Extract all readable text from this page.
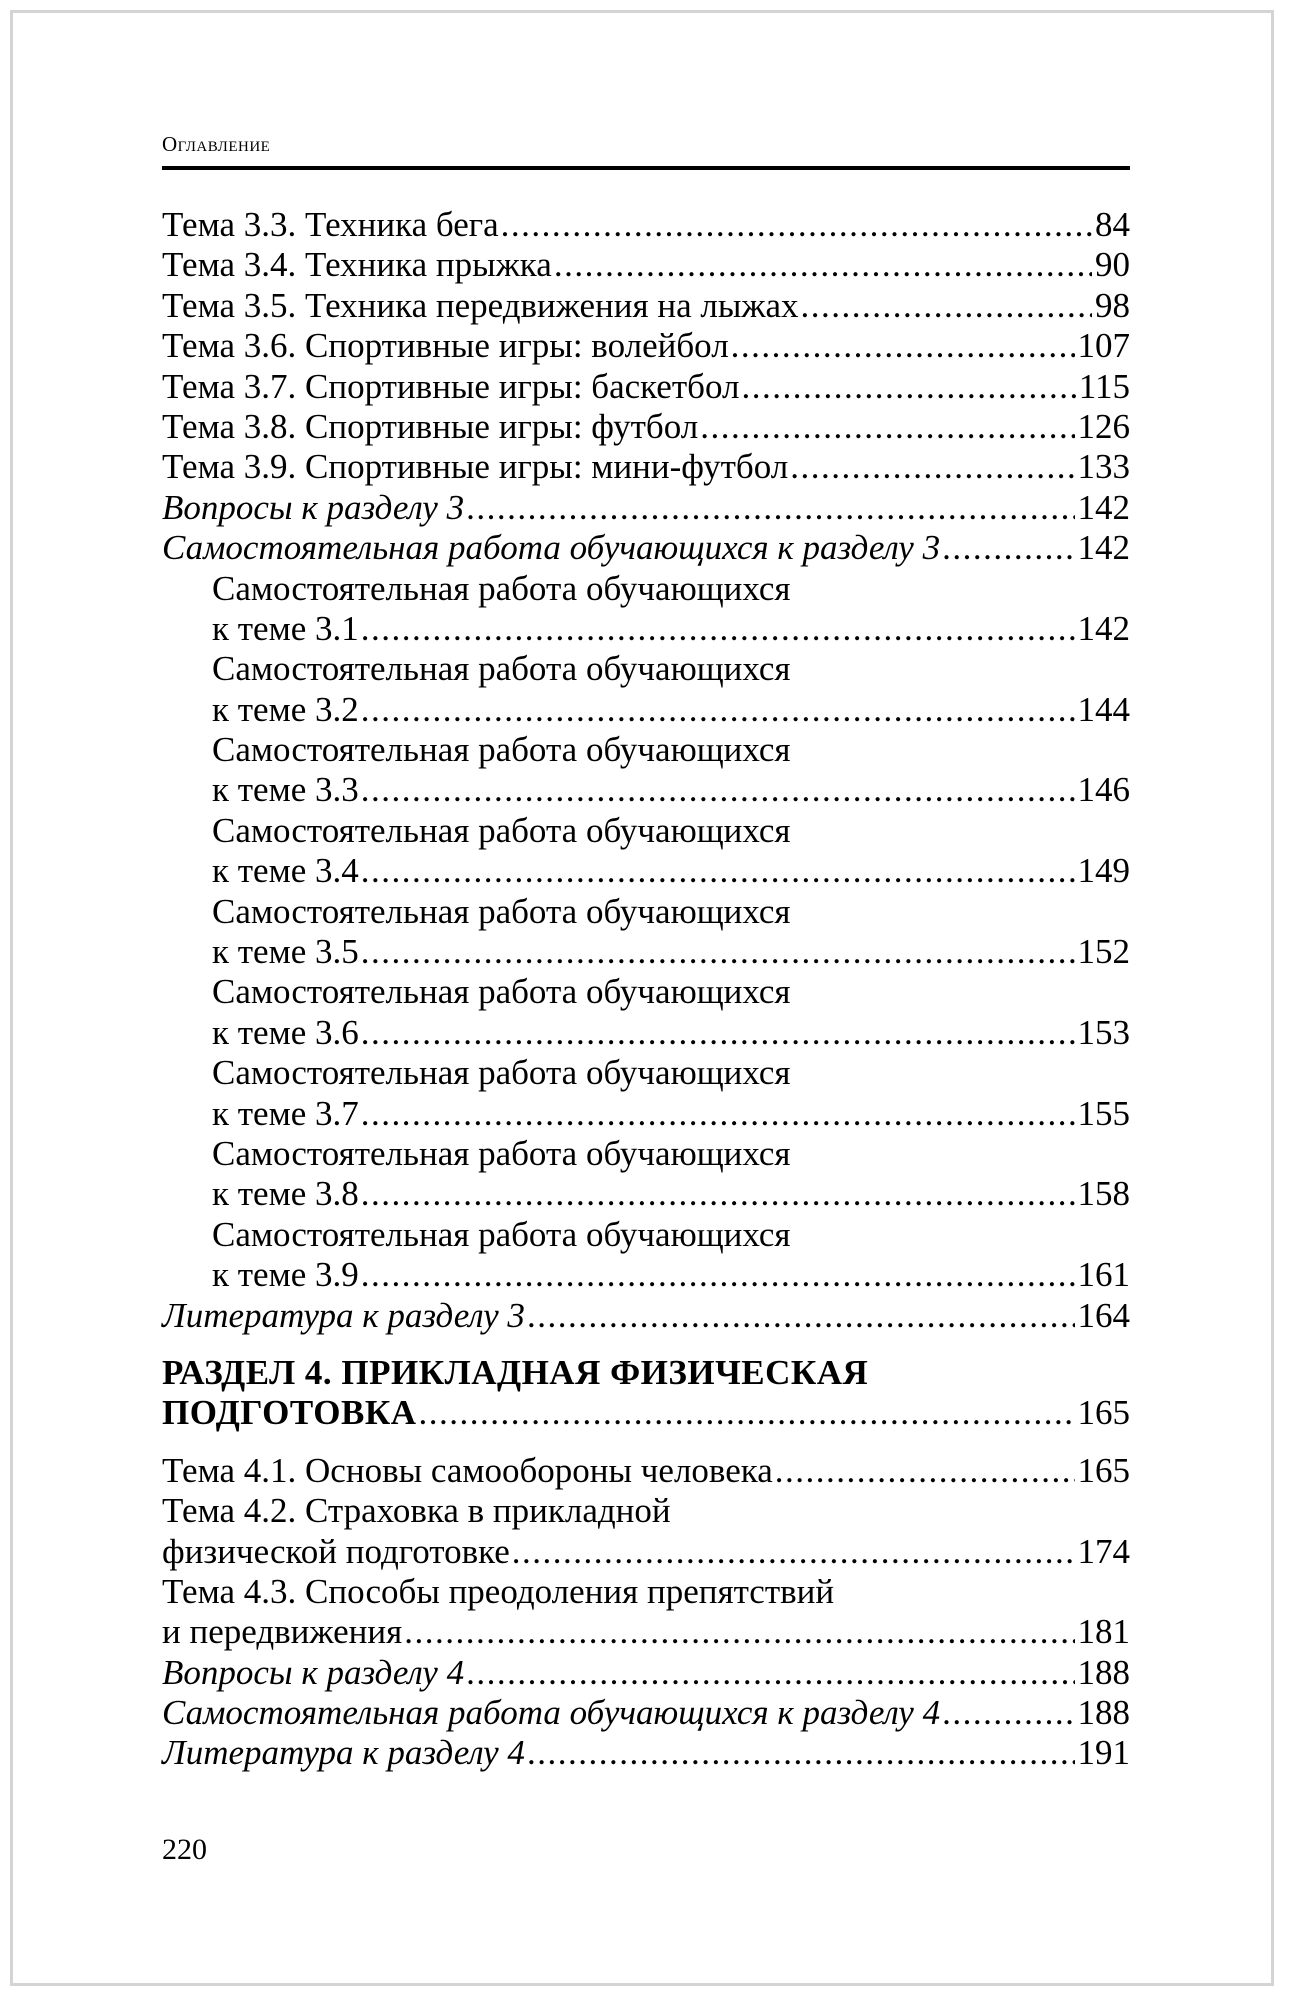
Оглавление
Тема 3.3. Техника бега .....	84
Тема 3.4. Техника прыжка .....	90
Тема 3.5. Техника передвижения на лыжах .....	98
Тема 3.6. Спортивные игры: волейбол .....	107
Тема 3.7. Спортивные игры: баскетбол .....	115
Тема 3.8. Спортивные игры: футбол .....	126
Тема 3.9. Спортивные игры: мини-футбол .....	133
Вопросы к разделу 3 .....	142
Самостоятельная работа обучающихся к разделу 3 .....	142
Самостоятельная работа обучающихся
к теме 3.1 .....	142
Самостоятельная работа обучающихся
к теме 3.2 .....	144
Самостоятельная работа обучающихся
к теме 3.3 .....	146
Самостоятельная работа обучающихся
к теме 3.4 .....	149
Самостоятельная работа обучающихся
к теме 3.5 .....	152
Самостоятельная работа обучающихся
к теме 3.6 .....	153
Самостоятельная работа обучающихся
к теме 3.7 .....	155
Самостоятельная работа обучающихся
к теме 3.8 .....	158
Самостоятельная работа обучающихся
к теме 3.9 .....	161
Литература к разделу 3 .....	164
РАЗДЕЛ 4. ПРИКЛАДНАЯ ФИЗИЧЕСКАЯ
ПОДГОТОВКА .....	165
Тема 4.1. Основы самообороны человека .....	165
Тема 4.2. Страховка в прикладной
физической подготовке .....	174
Тема 4.3. Способы преодоления препятствий
и передвижения .....	181
Вопросы к разделу 4 .....	188
Самостоятельная работа обучающихся к разделу 4 .....	188
Литература к разделу 4 .....	191
220
